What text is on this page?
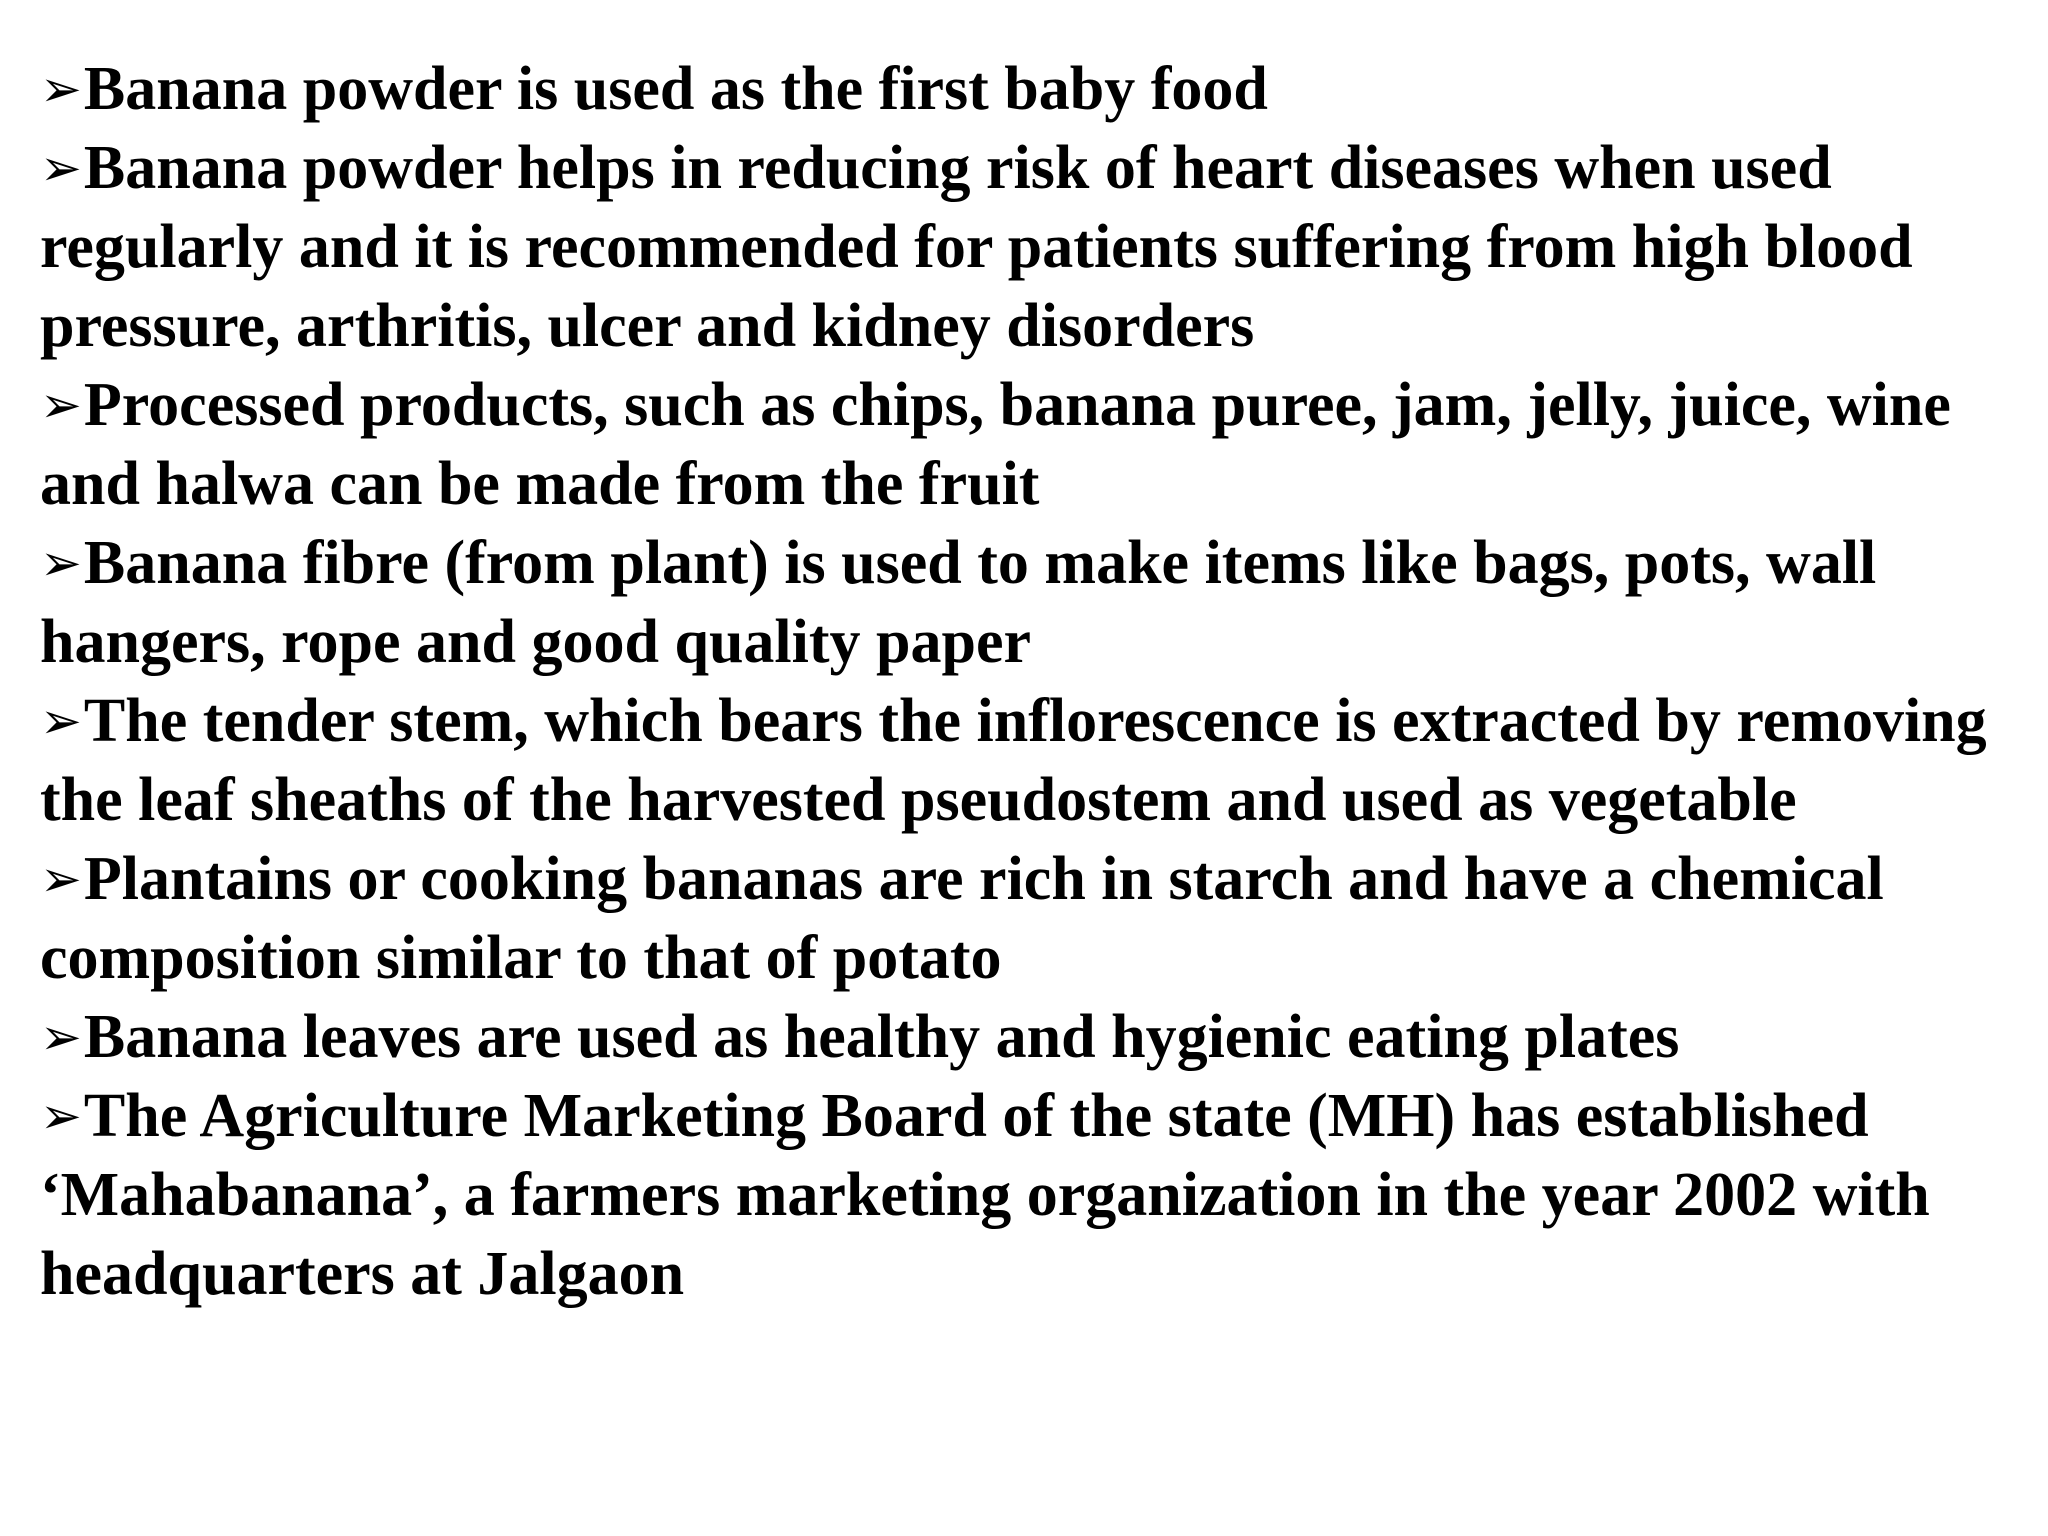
➢Banana powder is used as the first baby food
➢Banana powder helps in reducing risk of heart diseases when used regularly and it is recommended for patients suffering from high blood pressure, arthritis, ulcer and kidney disorders
➢Processed products, such as chips, banana puree, jam, jelly, juice, wine and halwa can be made from the fruit
➢Banana fibre (from plant) is used to make items like bags, pots, wall hangers, rope and good quality paper
➢The tender stem, which bears the inflorescence is extracted by removing the leaf sheaths of the harvested pseudostem and used as vegetable
➢Plantains or cooking bananas are rich in starch and have a chemical composition similar to that of potato
➢Banana leaves are used as healthy and hygienic eating plates
➢The Agriculture Marketing Board of the state (MH) has established ‘Mahabanana’, a farmers marketing organization in the year 2002 with headquarters at Jalgaon
